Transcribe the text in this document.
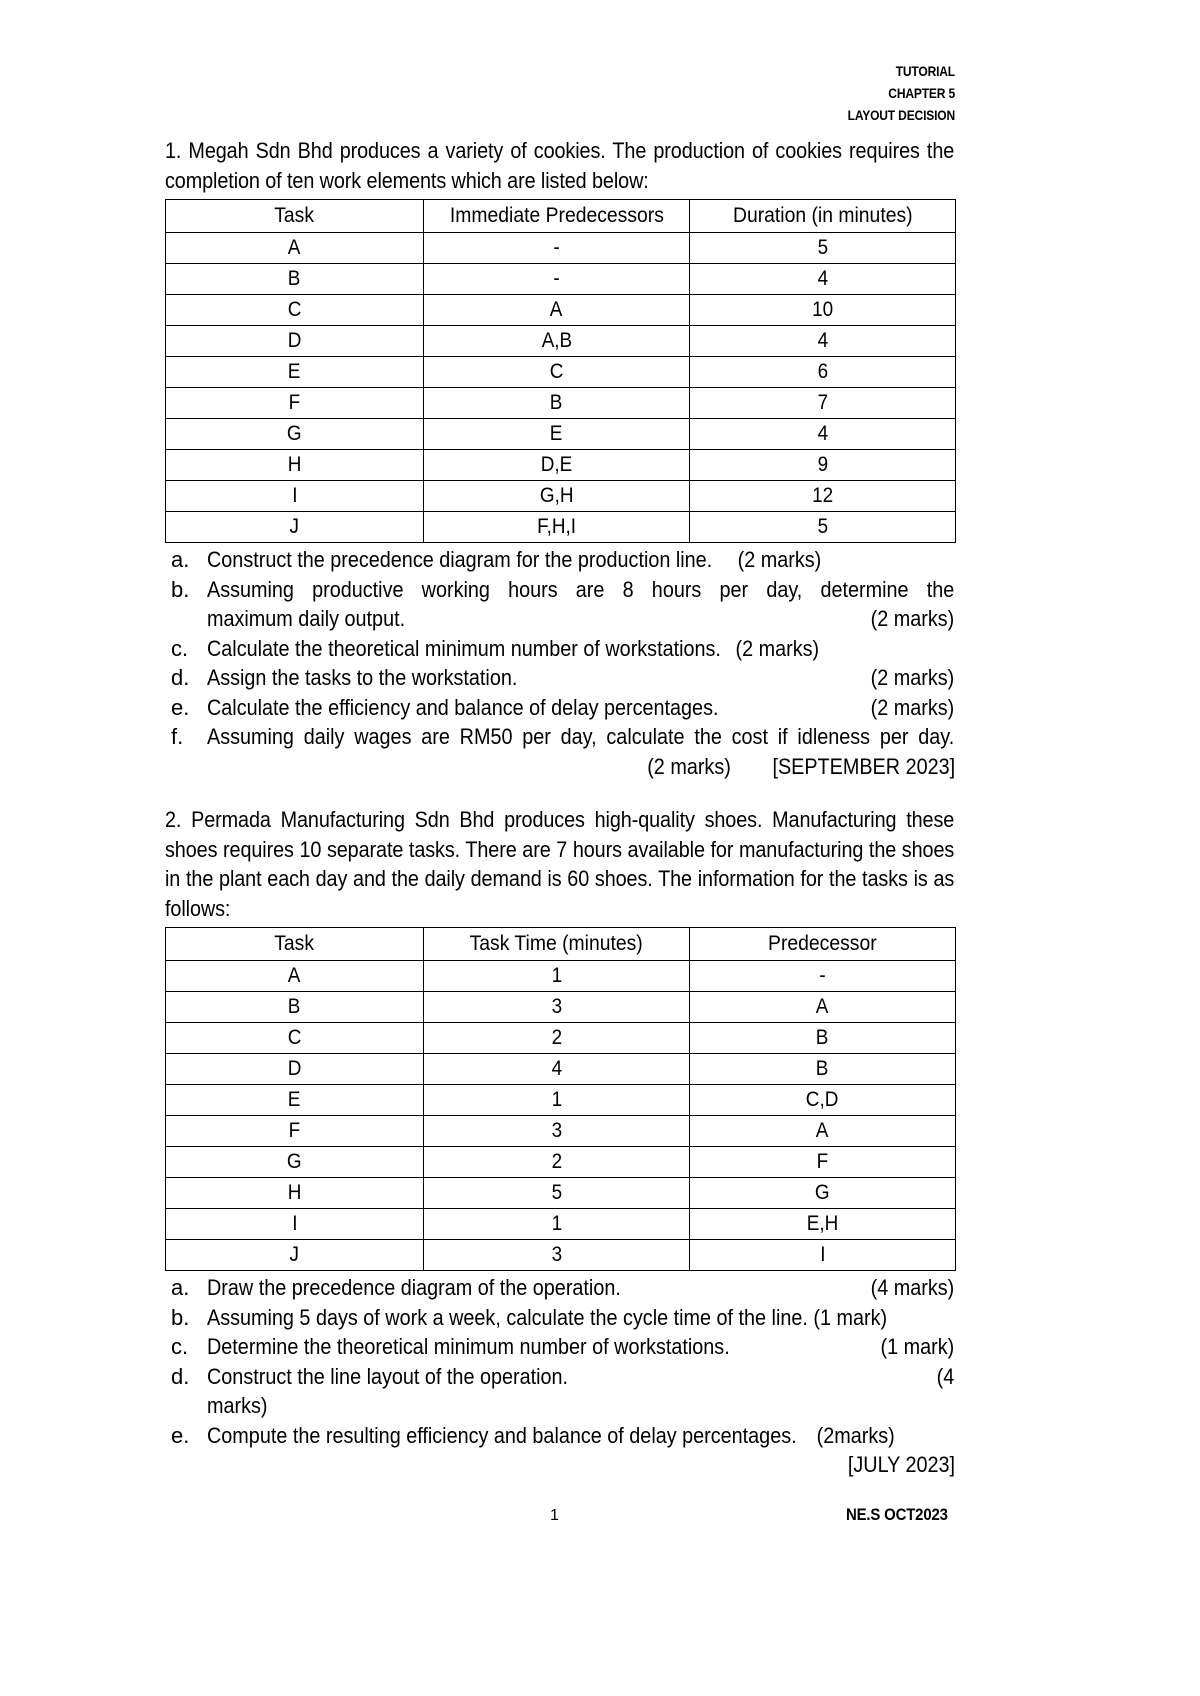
TUTORIAL
CHAPTER 5
LAYOUT DECISION
1. Megah Sdn Bhd produces a variety of cookies. The production of cookies requires the completion of ten work elements which are listed below:
Task	Immediate Predecessors	Duration (in minutes)
A	-	5
B	-	4
C	A	10
D	A,B	4
E	C	6
F	B	7
G	E	4
H	D,E	9
I	G,H	12
J	F,H,I	5
a. Construct the precedence diagram for the production line. (2 marks)
b. Assuming productive working hours are 8 hours per day, determine the
maximum daily output.	(2 marks)
c. Calculate the theoretical minimum number of workstations. (2 marks)
d. Assign the tasks to the workstation.	(2 marks)
e. Calculate the efficiency and balance of delay percentages.	(2 marks)
f.	Assuming daily wages are RM50 per day, calculate the cost if idleness per day.
(2 marks) [SEPTEMBER 2023]
2. Permada Manufacturing Sdn Bhd produces high-quality shoes. Manufacturing these shoes requires 10 separate tasks. There are 7 hours available for manufacturing the shoes in the plant each day and the daily demand is 60 shoes. The information for the tasks is as follows:
Task	Task Time (minutes)	Predecessor
A	1	-
B	3	A
C	2	B
D	4	B
E	1	C,D
F	3	A
G	2	F
H	5	G
I	1	E,H
J	3	I
a. Draw the precedence diagram of the operation.	(4 marks)
b. Assuming 5 days of work a week, calculate the cycle time of the line. (1 mark)
c. Determine the theoretical minimum number of workstations.	(1 mark)
d. Construct the line layout of the operation.	(4
marks)
e. Compute the resulting efficiency and balance of delay percentages. (2marks)
[JULY 2023]
1	NE.S OCT2023
